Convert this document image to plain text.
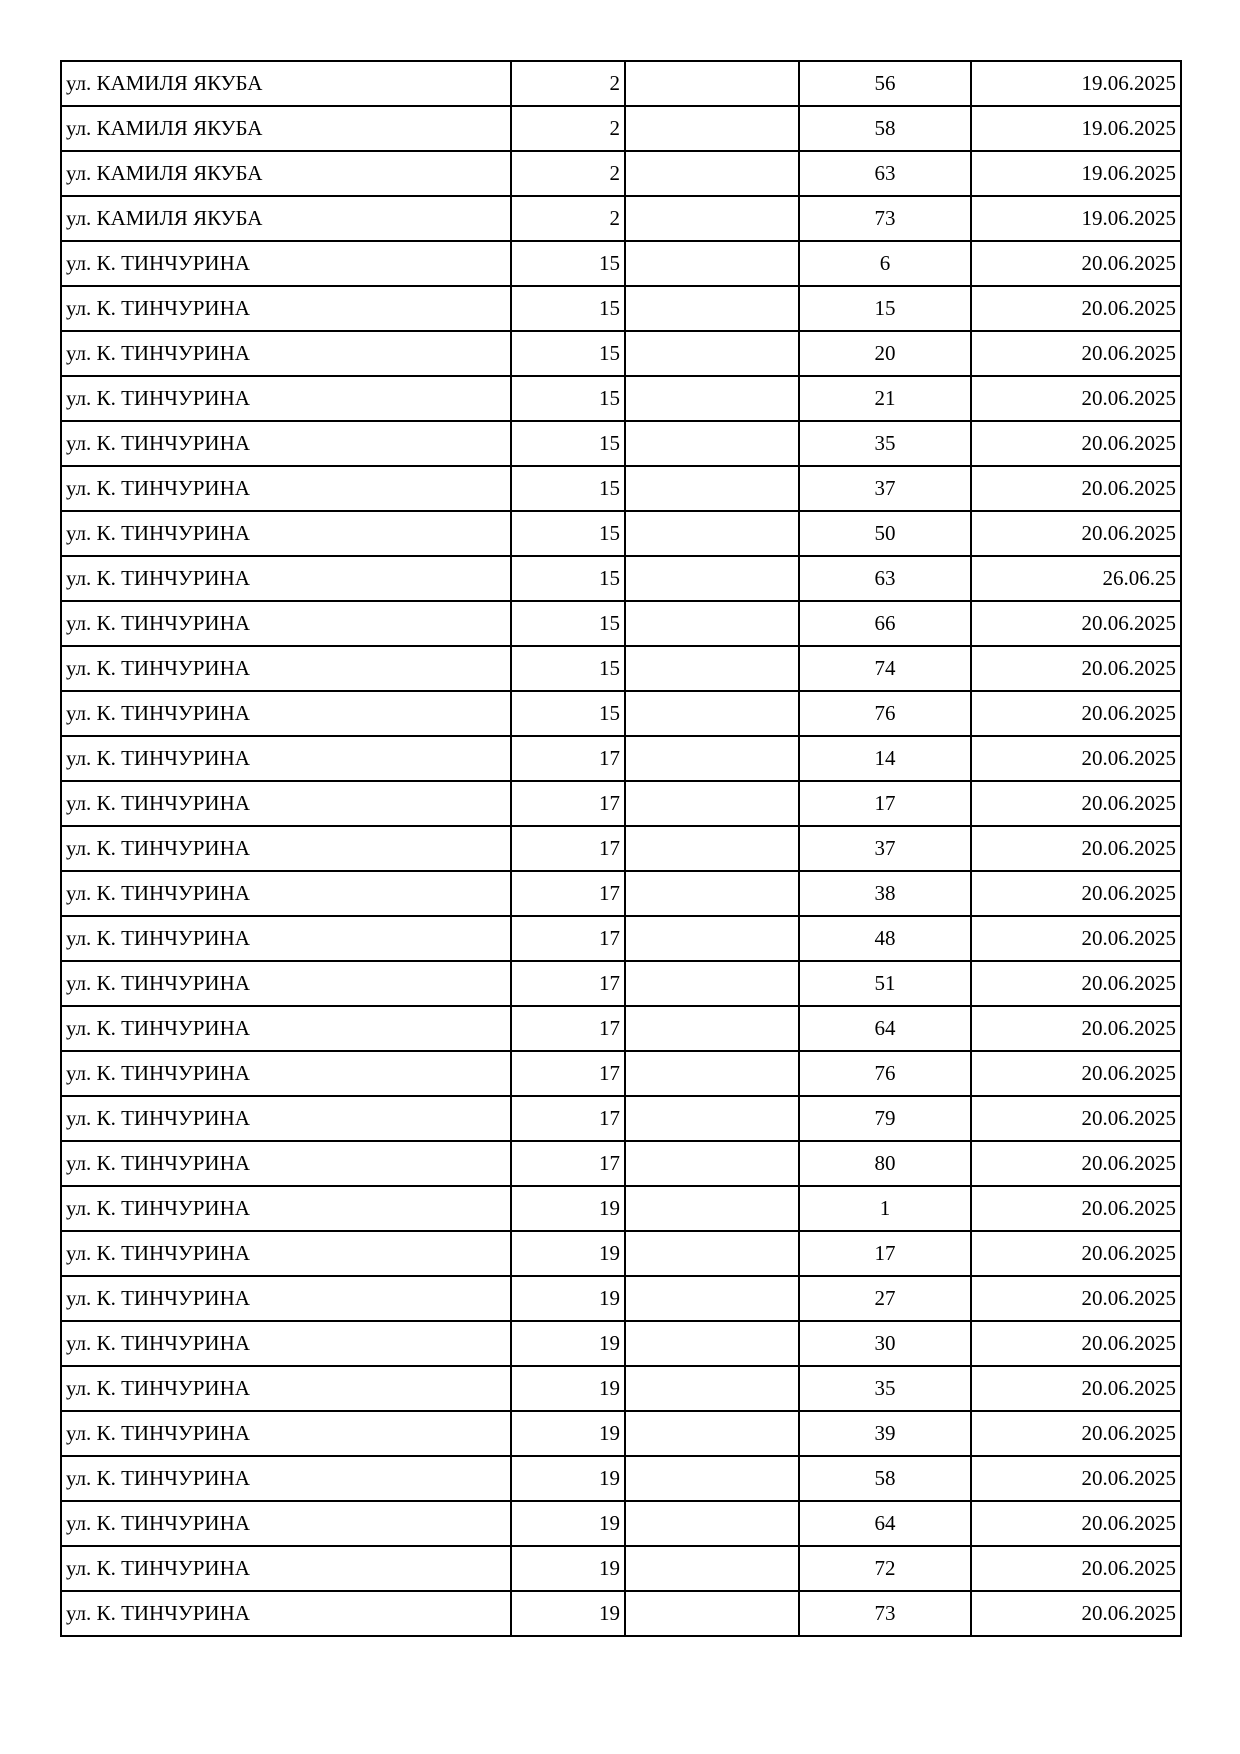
ул. КАМИЛЯ ЯКУБА	2		56	19.06.2025
ул. КАМИЛЯ ЯКУБА	2		58	19.06.2025
ул. КАМИЛЯ ЯКУБА	2		63	19.06.2025
ул. КАМИЛЯ ЯКУБА	2		73	19.06.2025
ул. К. ТИНЧУРИНА	15		6	20.06.2025
ул. К. ТИНЧУРИНА	15		15	20.06.2025
ул. К. ТИНЧУРИНА	15		20	20.06.2025
ул. К. ТИНЧУРИНА	15		21	20.06.2025
ул. К. ТИНЧУРИНА	15		35	20.06.2025
ул. К. ТИНЧУРИНА	15		37	20.06.2025
ул. К. ТИНЧУРИНА	15		50	20.06.2025
ул. К. ТИНЧУРИНА	15		63	26.06.25
ул. К. ТИНЧУРИНА	15		66	20.06.2025
ул. К. ТИНЧУРИНА	15		74	20.06.2025
ул. К. ТИНЧУРИНА	15		76	20.06.2025
ул. К. ТИНЧУРИНА	17		14	20.06.2025
ул. К. ТИНЧУРИНА	17		17	20.06.2025
ул. К. ТИНЧУРИНА	17		37	20.06.2025
ул. К. ТИНЧУРИНА	17		38	20.06.2025
ул. К. ТИНЧУРИНА	17		48	20.06.2025
ул. К. ТИНЧУРИНА	17		51	20.06.2025
ул. К. ТИНЧУРИНА	17		64	20.06.2025
ул. К. ТИНЧУРИНА	17		76	20.06.2025
ул. К. ТИНЧУРИНА	17		79	20.06.2025
ул. К. ТИНЧУРИНА	17		80	20.06.2025
ул. К. ТИНЧУРИНА	19		1	20.06.2025
ул. К. ТИНЧУРИНА	19		17	20.06.2025
ул. К. ТИНЧУРИНА	19		27	20.06.2025
ул. К. ТИНЧУРИНА	19		30	20.06.2025
ул. К. ТИНЧУРИНА	19		35	20.06.2025
ул. К. ТИНЧУРИНА	19		39	20.06.2025
ул. К. ТИНЧУРИНА	19		58	20.06.2025
ул. К. ТИНЧУРИНА	19		64	20.06.2025
ул. К. ТИНЧУРИНА	19		72	20.06.2025
ул. К. ТИНЧУРИНА	19		73	20.06.2025
